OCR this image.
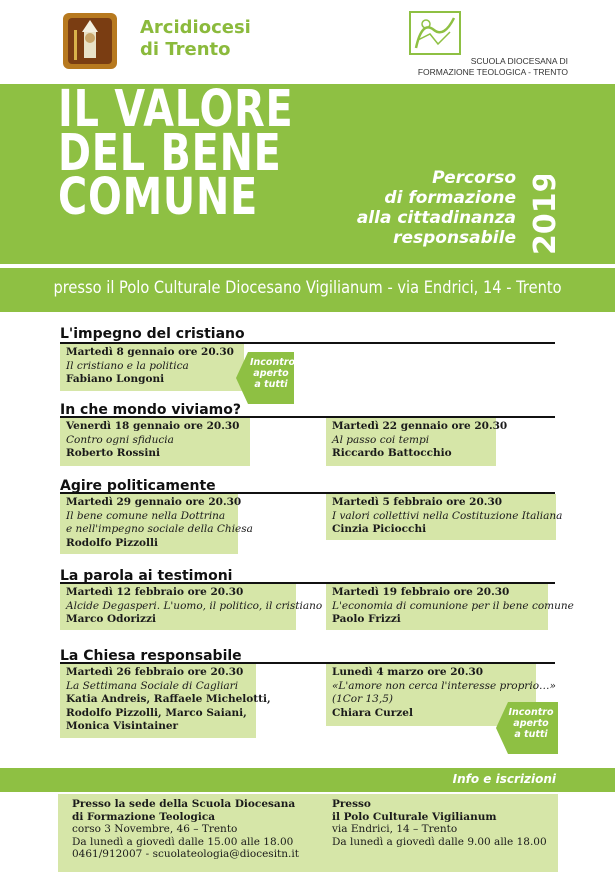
Arcidiocesi
di Trento
SCUOLA DIOCESANA DI
FORMAZIONE TEOLOGICA - TRENTO
IL VALORE
DEL BENE
COMUNE	Percorso
di formazione
alla cittadinanza
responsabile 2019
presso il Polo Culturale Diocesano Vigilianum - via Endrici, 14 - Trento
L'impegno del cristiano
Martedì 8 gennaio ore 20.30
Il cristiano e la politica
Fabiano Longoni
Incontro
aperto
a tutti
In che mondo viviamo?
Venerdì 18 gennaio ore 20.30
Contro ogni sfiducia
Roberto Rossini
Martedì 22 gennaio ore 20.30
Al passo coi tempi
Riccardo Battocchio
Agire politicamente
Martedì 29 gennaio ore 20.30
Il bene comune nella Dottrina
e nell'impegno sociale della Chiesa
Rodolfo Pizzolli
Martedì 5 febbraio ore 20.30
I valori collettivi nella Costituzione Italiana
Cinzia Piciocchi
La parola ai testimoni
Martedì 12 febbraio ore 20.30
Alcide Degasperi. L'uomo, il politico, il cristiano
Marco Odorizzi
Martedì 19 febbraio ore 20.30
L'economia di comunione per il bene comune
Paolo Frizzi
La Chiesa responsabile
Martedì 26 febbraio ore 20.30
La Settimana Sociale di Cagliari
Katia Andreis, Raffaele Michelotti,
Rodolfo Pizzolli, Marco Saiani,
Monica Visintainer
Lunedì 4 marzo ore 20.30
«L'amore non cerca l'interesse proprio…»
(1Cor 13,5)
Chiara Curzel	Incontro
aperto
a tutti
Info e iscrizioni
Presso la sede della Scuola Diocesana
di Formazione Teologica
corso 3 Novembre, 46 – Trento
Da lunedì a giovedì dalle 15.00 alle 18.00
0461/912007 - scuolateologia@diocesitn.it
Presso
il Polo Culturale Vigilianum
via Endrici, 14 – Trento
Da lunedì a giovedì dalle 9.00 alle 18.00
